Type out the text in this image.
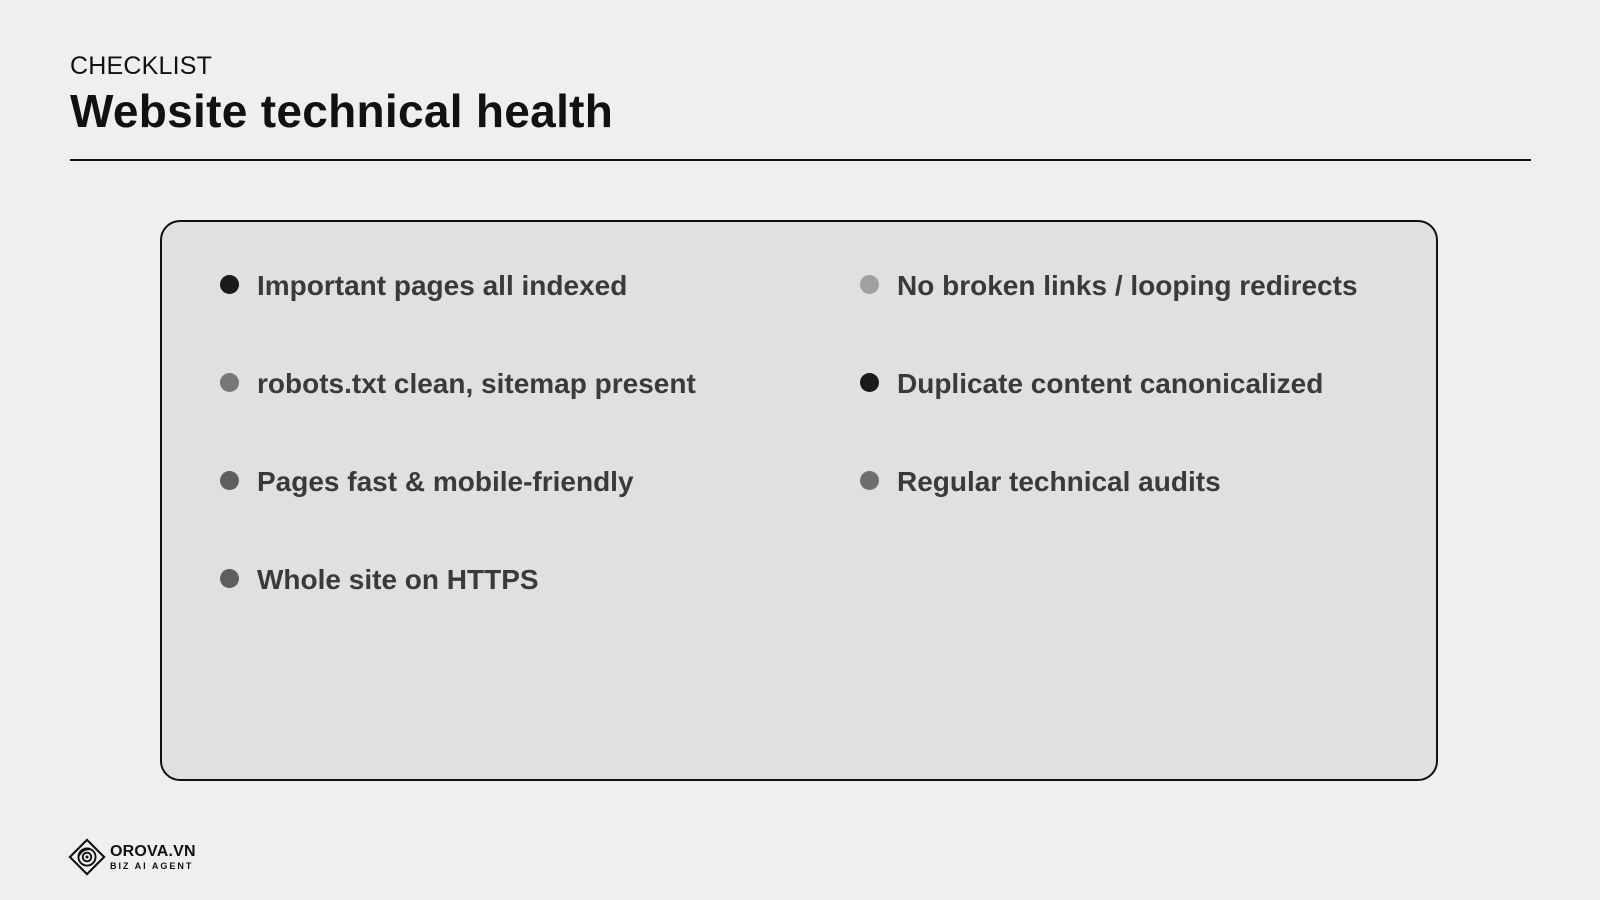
CHECKLIST
Website technical health
Important pages all indexed
robots.txt clean, sitemap present
Pages fast & mobile-friendly
Whole site on HTTPS
No broken links / looping redirects
Duplicate content canonicalized
Regular technical audits
OROVA.VN
BIZ AI AGENT
